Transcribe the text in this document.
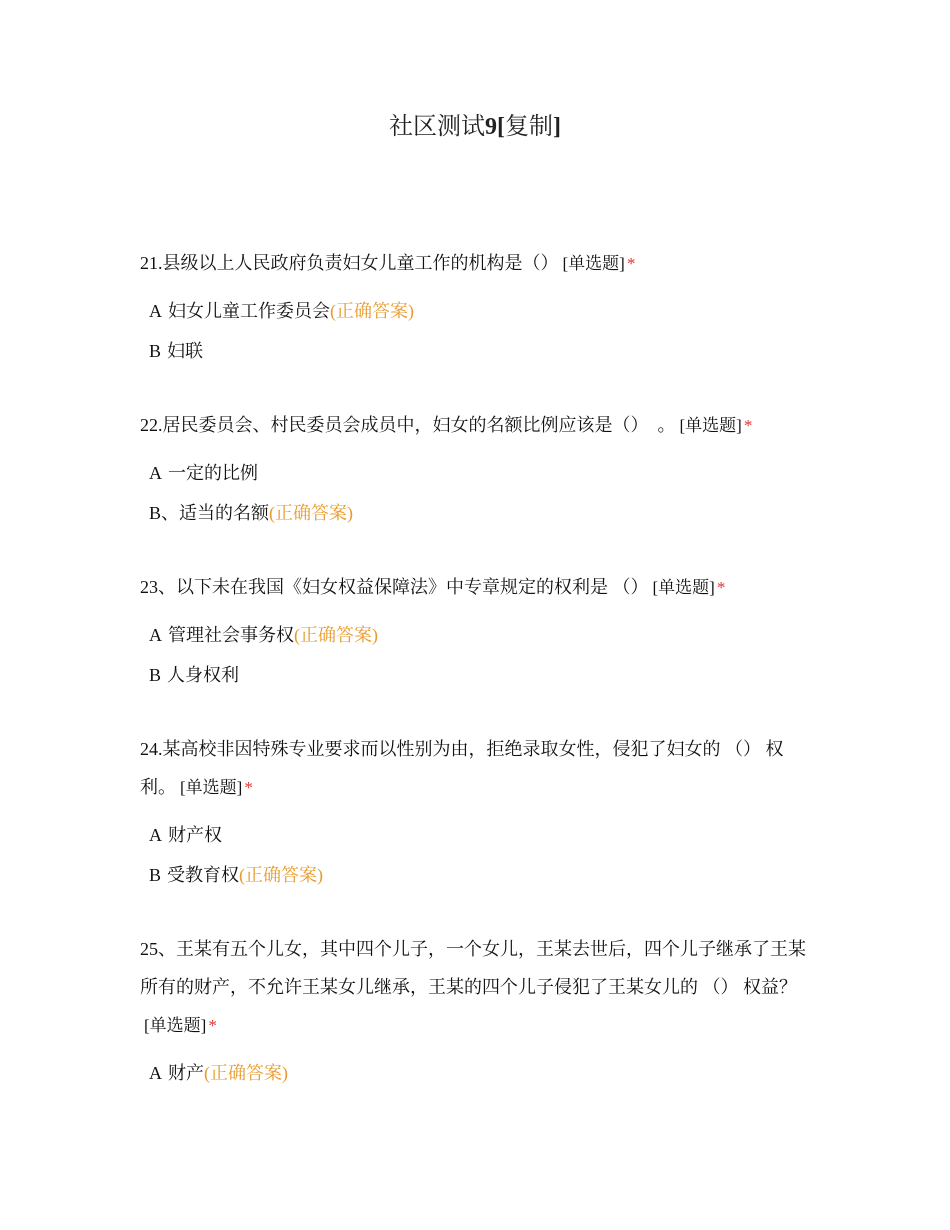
社区测试9[复制]
21.县级以上人民政府负责妇女儿童工作的机构是（） [单选题] *
A 妇女儿童工作委员会(正确答案)
B 妇联
22.居民委员会、村民委员会成员中，妇女的名额比例应该是（）　。 [单选题] *
A 一定的比例
B、适当的名额(正确答案)
23、以下未在我国《妇女权益保障法》中专章规定的权利是 （） [单选题] *
A 管理社会事务权(正确答案)
B 人身权利
24.某高校非因特殊专业要求而以性别为由，拒绝录取女性，侵犯了妇女的 （） 权利。 [单选题] *
A 财产权
B 受教育权(正确答案)
25、王某有五个儿女，其中四个儿子，一个女儿，王某去世后，四个儿子继承了王某所有的财产，不允许王某女儿继承，王某的四个儿子侵犯了王某女儿的 （） 权益？[单选题] *
A 财产(正确答案)
